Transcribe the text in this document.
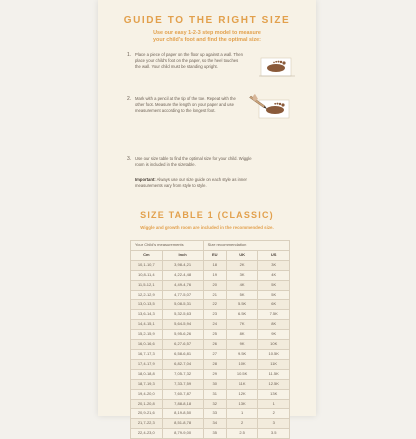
GUIDE TO THE RIGHT SIZE
Use our easy 1-2-3 step model to measure
your child's foot and find the optimal size:
1. Place a piece of paper on the floor up against a wall. Then place your child's foot on the paper, so the heel touches the wall. Your child must be standing upright.
2. Mark with a pencil at the tip of the toe. Repeat with the other foot. Measure the length on your paper and use measurement according to the longest foot.
3. Use our size table to find the optimal size for your child. Wiggle room is included in the sizetable.
Important: Always use our size guide on each style as inner measurements vary from style to style.
SIZE TABLE 1 (CLASSIC)
Wiggle and growth room are included in the recommended size.
Your Child's measurements		Size recommendation		
Cm	Inch	EU	UK	US
10,1-10,7	3,98-4,21	18	2K	3K
10,8-11,4	4,22-4,48	19	3K	4K
11,5-12,1	4,49-4,76	20	4K	5K
12,2-12,9	4,77-5,07	21	5K	5K
13,0-13,5	5,08-5,31	22	5.5K	6K
13,6-14,3	5,32-5,63	23	6.5K	7.5K
14,4-15,1	5,64-5,94	24	7K	8K
15,2-15,9	5,95-6,26	25	8K	9K
16,0-16,6	6,27-6,57	26	9K	10K
16,7-17,3	6,58-6,81	27	9.5K	10.5K
17,4-17,9	6,82-7,04	28	10K	11K
18,0-18,8	7,05-7,32	29	10.5K	11.5K
18,7-19,3	7,33-7,59	30	11K	12.5K
19,4-20,0	7,60-7,87	31	12K	13K
20,1-20,8	7,88-8,18	32	13K	1
20,9-21,6	8,19-8,50	33	1	2
21,7-22,3	8,51-8,78	34	2	3
22,4-23,0	8,79-9,00	35	2.5	3.5
